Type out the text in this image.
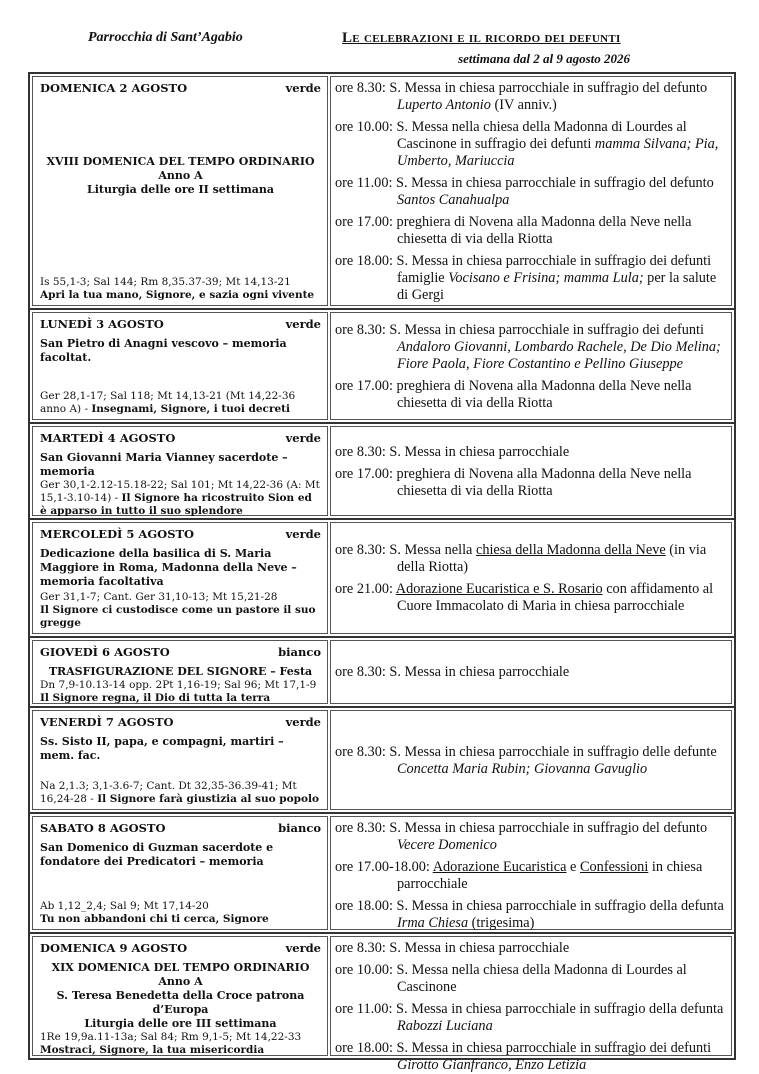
Parrocchia di Sant’Agabio	Le celebrazioni e il ricordo dei defunti
settimana dal 2 al 9 agosto 2026
DOMENICA 2 AGOSTO	verde
XVIII DOMENICA DEL TEMPO ORDINARIO
Anno A
Liturgia delle ore II settimana
Is 55,1-3; Sal 144; Rm 8,35.37-39; Mt 14,13-21
Apri la tua mano, Signore, e sazia ogni vivente
ore 8.30: S. Messa in chiesa parrocchiale in suffragio del defunto Luperto Antonio (IV anniv.)
ore 10.00: S. Messa nella chiesa della Madonna di Lourdes al Cascinone in suffragio dei defunti mamma Silvana; Pia, Umberto, Mariuccia
ore 11.00: S. Messa in chiesa parrocchiale in suffragio del defunto Santos Canahualpa
ore 17.00: preghiera di Novena alla Madonna della Neve nella chiesetta di via della Riotta
ore 18.00: S. Messa in chiesa parrocchiale in suffragio dei defunti famiglie Vocisano e Frisina; mamma Lula; per la salute di Gergi
LUNEDÌ 3 AGOSTO	verde
San Pietro di Anagni vescovo – memoria facoltat.
Ger 28,1-17; Sal 118; Mt 14,13-21 (Mt 14,22-36 anno A) - Insegnami, Signore, i tuoi decreti
ore 8.30: S. Messa in chiesa parrocchiale in suffragio dei defunti Andaloro Giovanni, Lombardo Rachele, De Dio Melina; Fiore Paola, Fiore Costantino e Pellino Giuseppe
ore 17.00: preghiera di Novena alla Madonna della Neve nella chiesetta di via della Riotta
MARTEDÌ 4 AGOSTO	verde
San Giovanni Maria Vianney sacerdote – memoria
Ger 30,1-2.12-15.18-22; Sal 101; Mt 14,22-36 (A: Mt 15,1-3.10-14) - Il Signore ha ricostruito Sion ed è apparso in tutto il suo splendore
ore 8.30: S. Messa in chiesa parrocchiale
ore 17.00: preghiera di Novena alla Madonna della Neve nella chiesetta di via della Riotta
MERCOLEDÌ 5 AGOSTO	verde
Dedicazione della basilica di S. Maria Maggiore in Roma, Madonna della Neve – memoria facoltativa
Ger 31,1-7; Cant. Ger 31,10-13; Mt 15,21-28
Il Signore ci custodisce come un pastore il suo gregge
ore 8.30: S. Messa nella chiesa della Madonna della Neve (in via della Riotta)
ore 21.00: Adorazione Eucaristica e S. Rosario con affidamento al Cuore Immacolato di Maria in chiesa parrocchiale
GIOVEDÌ 6 AGOSTO	bianco
TRASFIGURAZIONE DEL SIGNORE – Festa
Dn 7,9-10.13-14 opp. 2Pt 1,16-19; Sal 96; Mt 17,1-9
Il Signore regna, il Dio di tutta la terra
ore 8.30: S. Messa in chiesa parrocchiale
VENERDÌ 7 AGOSTO	verde
Ss. Sisto II, papa, e compagni, martiri – mem. fac.
Na 2,1.3; 3,1-3.6-7; Cant. Dt 32,35-36.39-41; Mt 16,24-28 - Il Signore farà giustizia al suo popolo
ore 8.30: S. Messa in chiesa parrocchiale in suffragio delle defunte Concetta Maria Rubin; Giovanna Gavuglio
SABATO 8 AGOSTO	bianco
San Domenico di Guzman sacerdote e fondatore dei Predicatori – memoria
Ab 1,12_2,4; Sal 9; Mt 17,14-20
Tu non abbandoni chi ti cerca, Signore
ore 8.30: S. Messa in chiesa parrocchiale in suffragio del defunto Vecere Domenico
ore 17.00-18.00: Adorazione Eucaristica e Confessioni in chiesa parrocchiale
ore 18.00: S. Messa in chiesa parrocchiale in suffragio della defunta Irma Chiesa (trigesima)
DOMENICA 9 AGOSTO	verde
XIX DOMENICA DEL TEMPO ORDINARIO
Anno A
S. Teresa Benedetta della Croce patrona d’Europa
Liturgia delle ore III settimana
1Re 19,9a.11-13a; Sal 84; Rm 9,1-5; Mt 14,22-33
Mostraci, Signore, la tua misericordia
ore 8.30: S. Messa in chiesa parrocchiale
ore 10.00: S. Messa nella chiesa della Madonna di Lourdes al Cascinone
ore 11.00: S. Messa in chiesa parrocchiale in suffragio della defunta Rabozzi Luciana
ore 18.00: S. Messa in chiesa parrocchiale in suffragio dei defunti Girotto Gianfranco, Enzo Letizia
